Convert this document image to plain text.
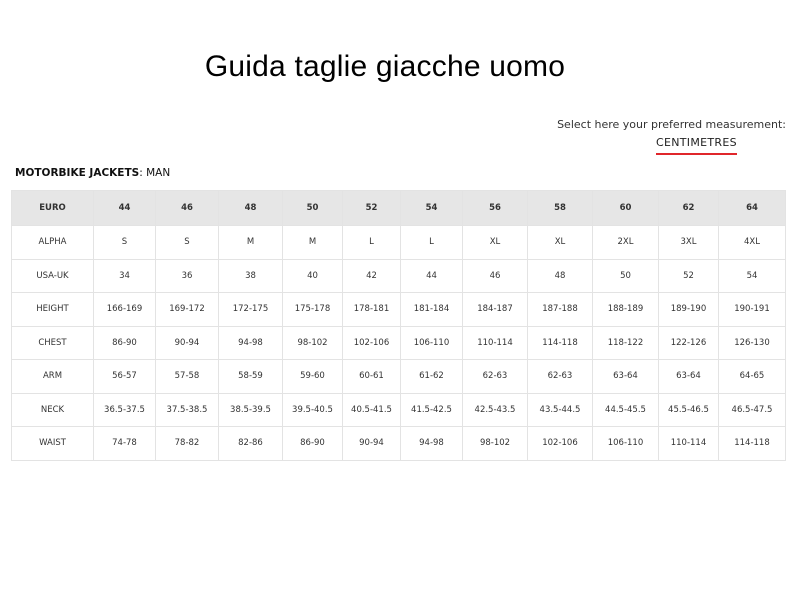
Guida taglie giacche uomo
Select here your preferred measurement:
CENTIMETRES
MOTORBIKE JACKETS: MAN
EURO	44	46	48	50	52	54	56	58	60	62	64
ALPHA	S	S	M	M	L	L	XL	XL	2XL	3XL	4XL
USA-UK	34	36	38	40	42	44	46	48	50	52	54
HEIGHT	166-169	169-172	172-175	175-178	178-181	181-184	184-187	187-188	188-189	189-190	190-191
CHEST	86-90	90-94	94-98	98-102	102-106	106-110	110-114	114-118	118-122	122-126	126-130
ARM	56-57	57-58	58-59	59-60	60-61	61-62	62-63	62-63	63-64	63-64	64-65
NECK	36.5-37.5	37.5-38.5	38.5-39.5	39.5-40.5	40.5-41.5	41.5-42.5	42.5-43.5	43.5-44.5	44.5-45.5	45.5-46.5	46.5-47.5
WAIST	74-78	78-82	82-86	86-90	90-94	94-98	98-102	102-106	106-110	110-114	114-118
